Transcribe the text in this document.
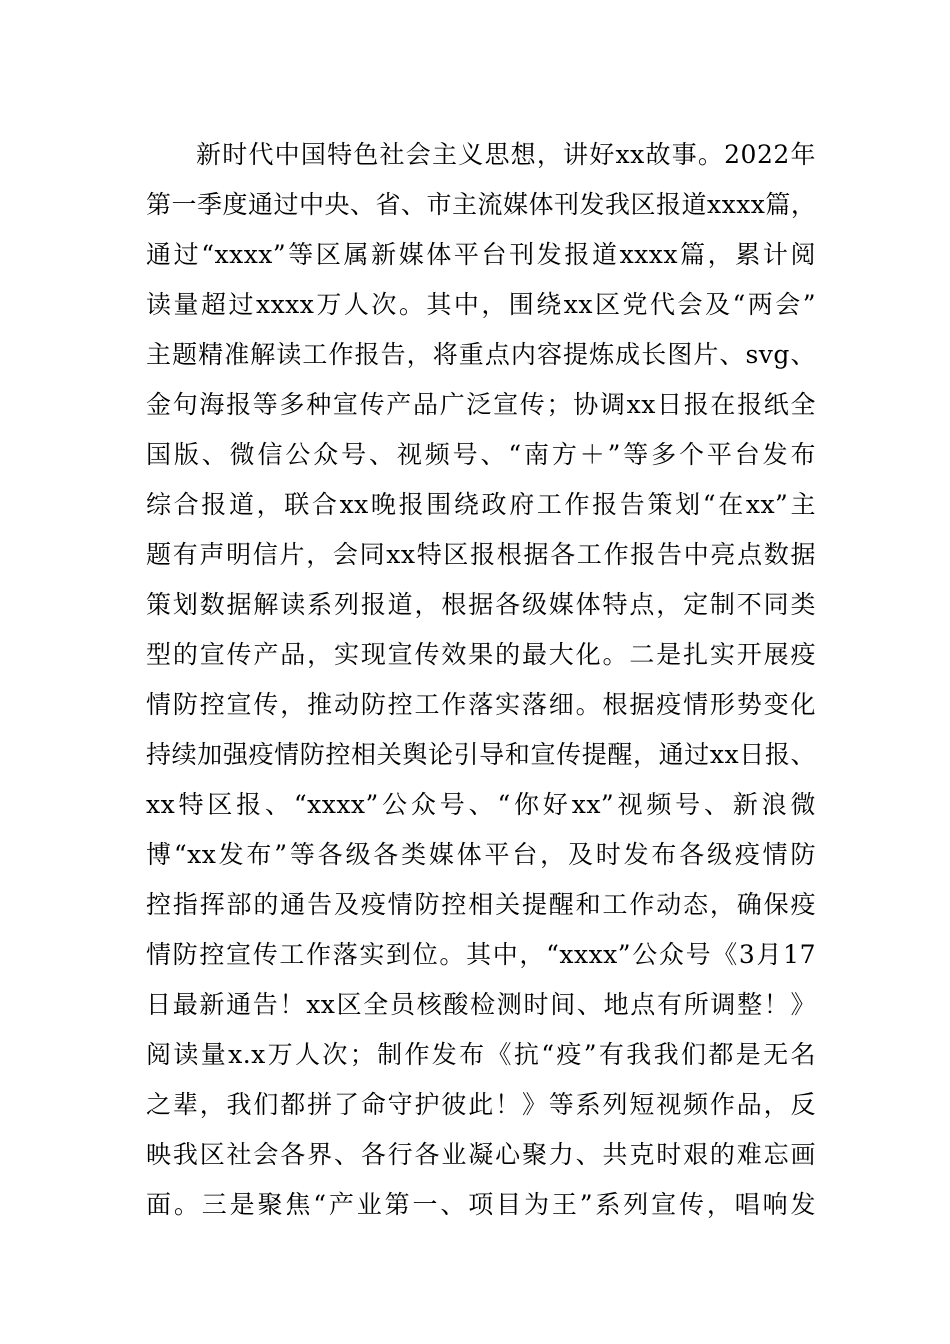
新时代中国特色社会主义思想，讲好xx故事。2022年
第一季度通过中央、省、市主流媒体刊发我区报道xxxx篇，
通过“xxxx”等区属新媒体平台刊发报道xxxx篇，累计阅
读量超过xxxx万人次。其中，围绕xx区党代会及“两会”
主题精准解读工作报告，将重点内容提炼成长图片、svg、
金句海报等多种宣传产品广泛宣传；协调xx日报在报纸全
国版、微信公众号、视频号、“南方＋”等多个平台发布
综合报道，联合xx晚报围绕政府工作报告策划“在xx”主
题有声明信片，会同xx特区报根据各工作报告中亮点数据
策划数据解读系列报道，根据各级媒体特点，定制不同类
型的宣传产品，实现宣传效果的最大化。二是扎实开展疫
情防控宣传，推动防控工作落实落细。根据疫情形势变化
持续加强疫情防控相关舆论引导和宣传提醒，通过xx日报、
xx特区报、“xxxx”公众号、“你好xx”视频号、新浪微
博“xx发布”等各级各类媒体平台，及时发布各级疫情防
控指挥部的通告及疫情防控相关提醒和工作动态，确保疫
情防控宣传工作落实到位。其中，“xxxx”公众号《3月17
日最新通告！xx区全员核酸检测时间、地点有所调整！》
阅读量x.x万人次；制作发布《抗“疫”有我我们都是无名
之辈，我们都拼了命守护彼此！》等系列短视频作品，反
映我区社会各界、各行各业凝心聚力、共克时艰的难忘画
面。三是聚焦“产业第一、项目为王”系列宣传，唱响发
